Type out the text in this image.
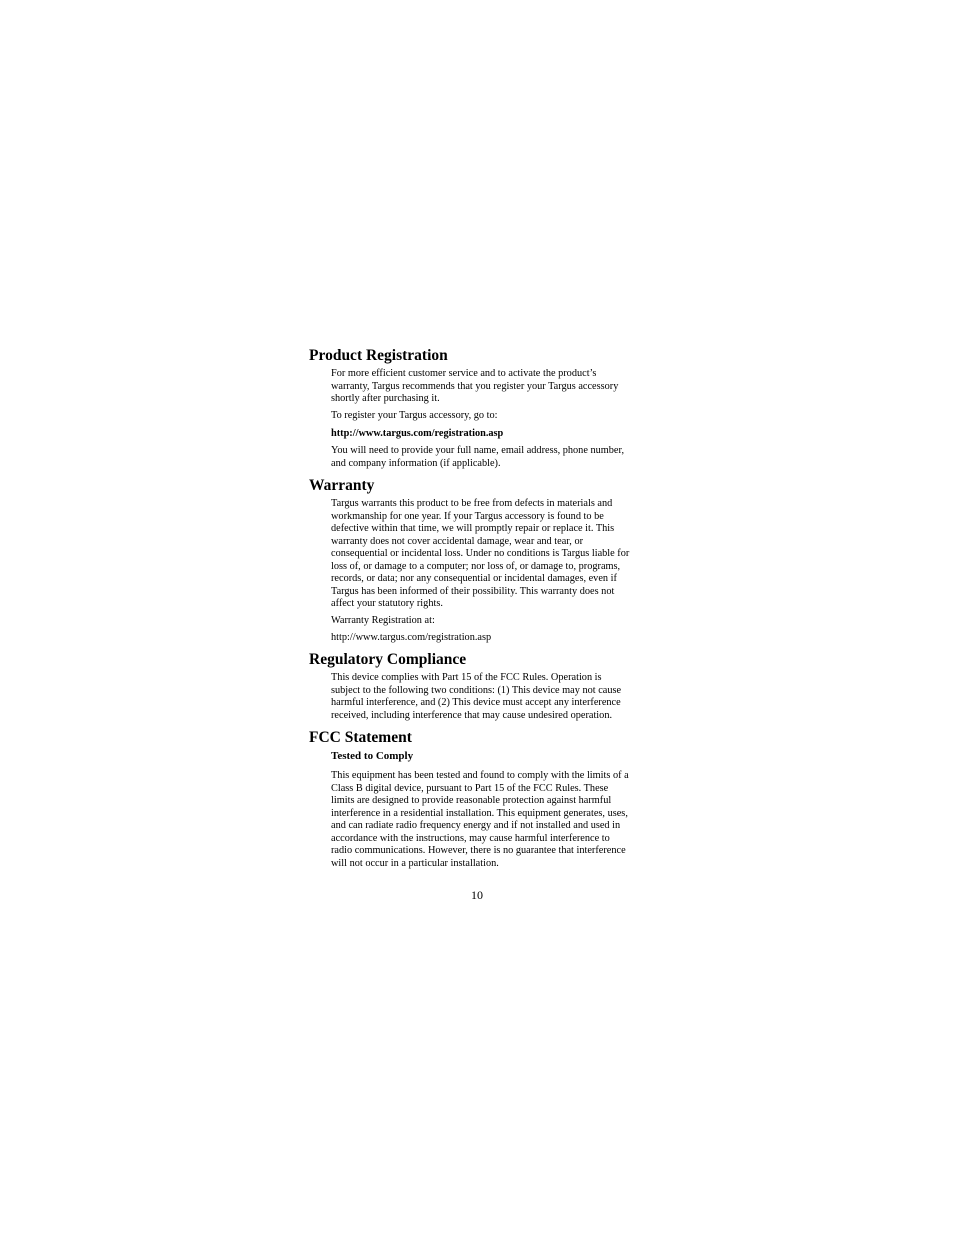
Product Registration

For more efficient customer service and to activate the product’s
warranty, Targus recommends that you register your Targus accessory
shortly after purchasing it.

To register your Targus accessory, go to:

http://www.targus.com/registration.asp

You will need to provide your full name, email address, phone number,
and company information (if applicable).

Warranty

Targus warrants this product to be free from defects in materials and
workmanship for one year. If your Targus accessory is found to be
defective within that time, we will promptly repair or replace it. This
warranty does not cover accidental damage, wear and tear, or
consequential or incidental loss. Under no conditions is Targus liable for
loss of, or damage to a computer; nor loss of, or damage to, programs,
records, or data; nor any consequential or incidental damages, even if
Targus has been informed of their possibility. This warranty does not
affect your statutory rights.

Warranty Registration at:

http://www.targus.com/registration.asp

Regulatory Compliance

This device complies with Part 15 of the FCC Rules. Operation is
subject to the following two conditions: (1) This device may not cause
harmful interference, and (2) This device must accept any interference
received, including interference that may cause undesired operation.

FCC Statement
Tested to Comply

This equipment has been tested and found to comply with the limits of a
Class B digital device, pursuant to Part 15 of the FCC Rules. These
limits are designed to provide reasonable protection against harmful
interference in a residential installation. This equipment generates, uses,
and can radiate radio frequency energy and if not installed and used in
accordance with the instructions, may cause harmful interference to
radio communications. However, there is no guarantee that interference
will not occur in a particular installation.

10
